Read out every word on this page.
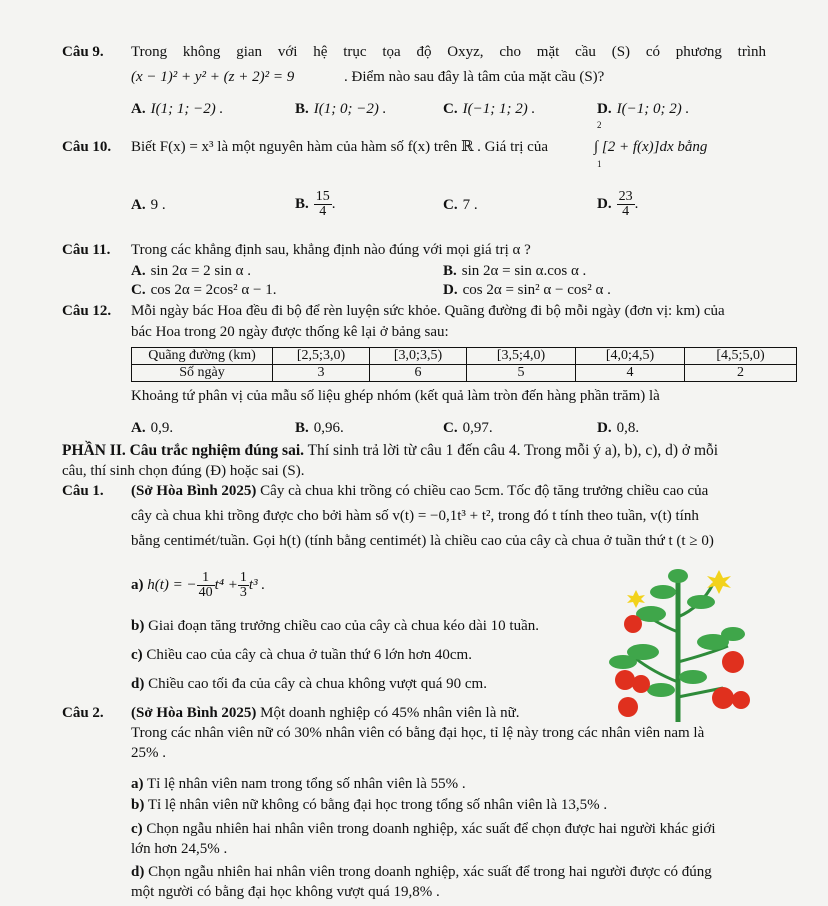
Câu 9. Trong không gian với hệ trục tọa độ Oxyz, cho mặt cầu (S) có phương trình
(x − 1)² + y² + (z + 2)² = 9	. Điểm nào sau đây là tâm của mặt cầu (S)?
A. I(1; 1; −2) .	B. I(1; 0; −2) .	C. I(−1; 1; 2) .	D. I(−1; 0; 2) .
Câu 10. Biết F(x) = x³ là một nguyên hàm của hàm số f(x) trên ℝ . Giá trị của
2
1
∫ [2 + f(x)]dx bằng
A. 9 .	B. $\frac{15}{4}$ .	C. 7 .	D. $\frac{23}{4}$ .
Câu 11. Trong các khẳng định sau, khẳng định nào đúng với mọi giá trị α ?
A. sin 2α = 2 sin α .	B. sin 2α = sin α.cos α .
C. cos 2α = 2cos² α − 1.	D. cos 2α = sin² α − cos² α .
Câu 12. Mỗi ngày bác Hoa đều đi bộ để rèn luyện sức khỏe. Quãng đường đi bộ mỗi ngày (đơn vị: km) của
bác Hoa trong 20 ngày được thống kê lại ở bảng sau:
Quãng đường (km)	[2,5;3,0)	[3,0;3,5)	[3,5;4,0)	[4,0;4,5)	[4,5;5,0)
Số ngày	3	6	5	4	2
Khoảng tứ phân vị của mẫu số liệu ghép nhóm (kết quả làm tròn đến hàng phần trăm) là
A. 0,9.	B. 0,96.	C. 0,97.	D. 0,8.
PHẦN II. Câu trắc nghiệm đúng sai. Thí sinh trả lời từ câu 1 đến câu 4. Trong mỗi ý a), b), c), d) ở mỗi
câu, thí sinh chọn đúng (Đ) hoặc sai (S).
Câu 1. (Sở Hòa Bình 2025) Cây cà chua khi trồng có chiều cao 5cm. Tốc độ tăng trưởng chiều cao của
cây cà chua khi trồng được cho bởi hàm số v(t) = −0,1t³ + t², trong đó t tính theo tuần, v(t) tính
bằng centimét/tuần. Gọi h(t) (tính bằng centimét) là chiều cao của cây cà chua ở tuần thứ t (t ≥ 0)
a) h(t) = − $\frac{1}{40} t^4 + \frac{1}{3} t^3$ .
b) Giai đoạn tăng trưởng chiều cao của cây cà chua kéo dài 10 tuần.
c) Chiều cao của cây cà chua ở tuần thứ 6 lớn hơn 40cm.
d) Chiều cao tối đa của cây cà chua không vượt quá 90 cm.
Câu 2. (Sở Hòa Bình 2025) Một doanh nghiệp có 45% nhân viên là nữ.
Trong các nhân viên nữ có 30% nhân viên có bằng đại học, tỉ lệ này trong các nhân viên nam là
25% .
a) Tỉ lệ nhân viên nam trong tổng số nhân viên là 55% .
b) Tỉ lệ nhân viên nữ không có bằng đại học trong tổng số nhân viên là 13,5% .
c) Chọn ngẫu nhiên hai nhân viên trong doanh nghiệp, xác suất để chọn được hai người khác giới
lớn hơn 24,5% .
d) Chọn ngẫu nhiên hai nhân viên trong doanh nghiệp, xác suất để trong hai người được có đúng
một người có bằng đại học không vượt quá 19,8% .
